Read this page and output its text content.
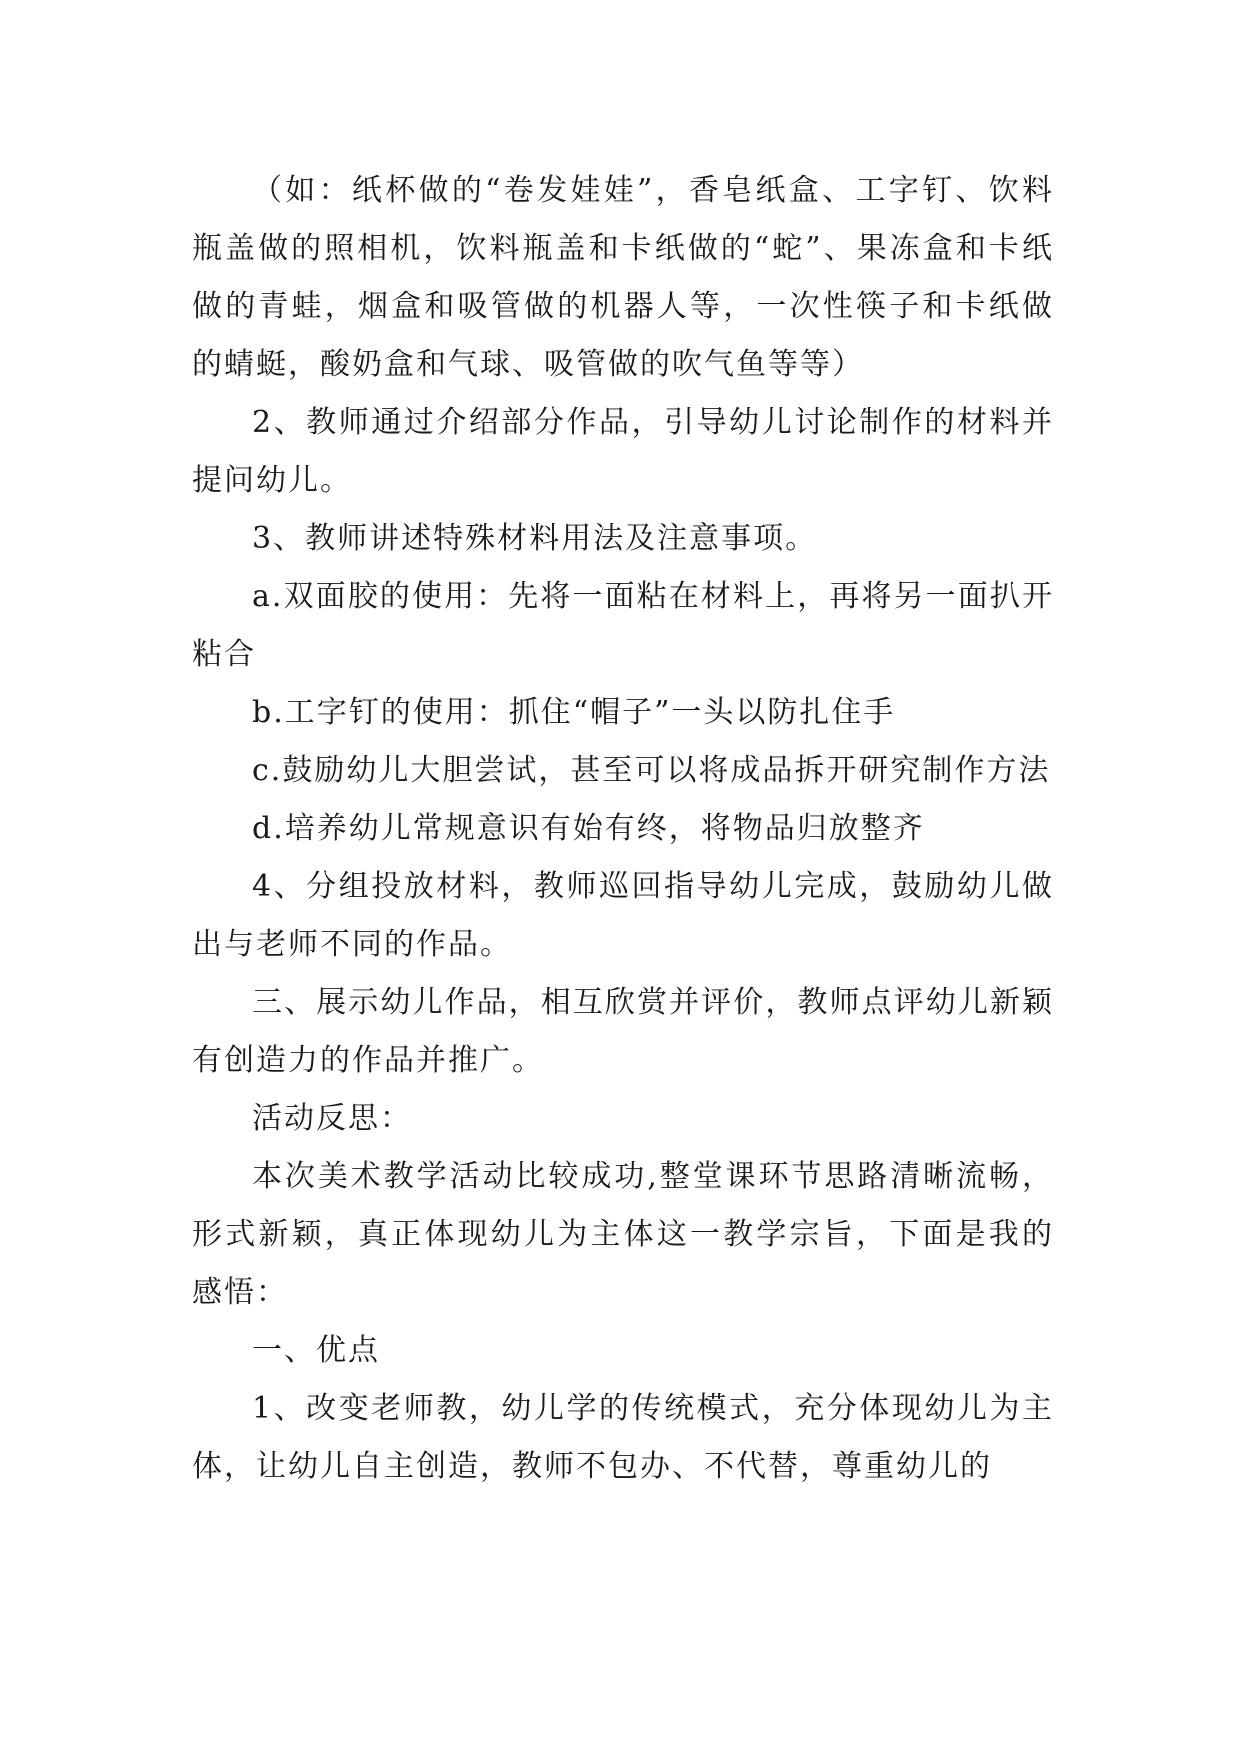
（如：纸杯做的“卷发娃娃”，香皂纸盒、工字钉、饮料瓶盖做的照相机，饮料瓶盖和卡纸做的“蛇”、果冻盒和卡纸做的青蛙，烟盒和吸管做的机器人等，一次性筷子和卡纸做的蜻蜓，酸奶盒和气球、吸管做的吹气鱼等等）

2、教师通过介绍部分作品，引导幼儿讨论制作的材料并提问幼儿。

3、教师讲述特殊材料用法及注意事项。

a.双面胶的使用：先将一面粘在材料上，再将另一面扒开粘合

b.工字钉的使用：抓住“帽子”一头以防扎住手

c.鼓励幼儿大胆尝试，甚至可以将成品拆开研究制作方法

d.培养幼儿常规意识有始有终，将物品归放整齐

4、分组投放材料，教师巡回指导幼儿完成，鼓励幼儿做出与老师不同的作品。

三、展示幼儿作品，相互欣赏并评价，教师点评幼儿新颖有创造力的作品并推广。

活动反思：

本次美术教学活动比较成功,整堂课环节思路清晰流畅，形式新颖，真正体现幼儿为主体这一教学宗旨，下面是我的感悟：

一、优点

1、改变老师教，幼儿学的传统模式，充分体现幼儿为主体，让幼儿自主创造，教师不包办、不代替，尊重幼儿的
